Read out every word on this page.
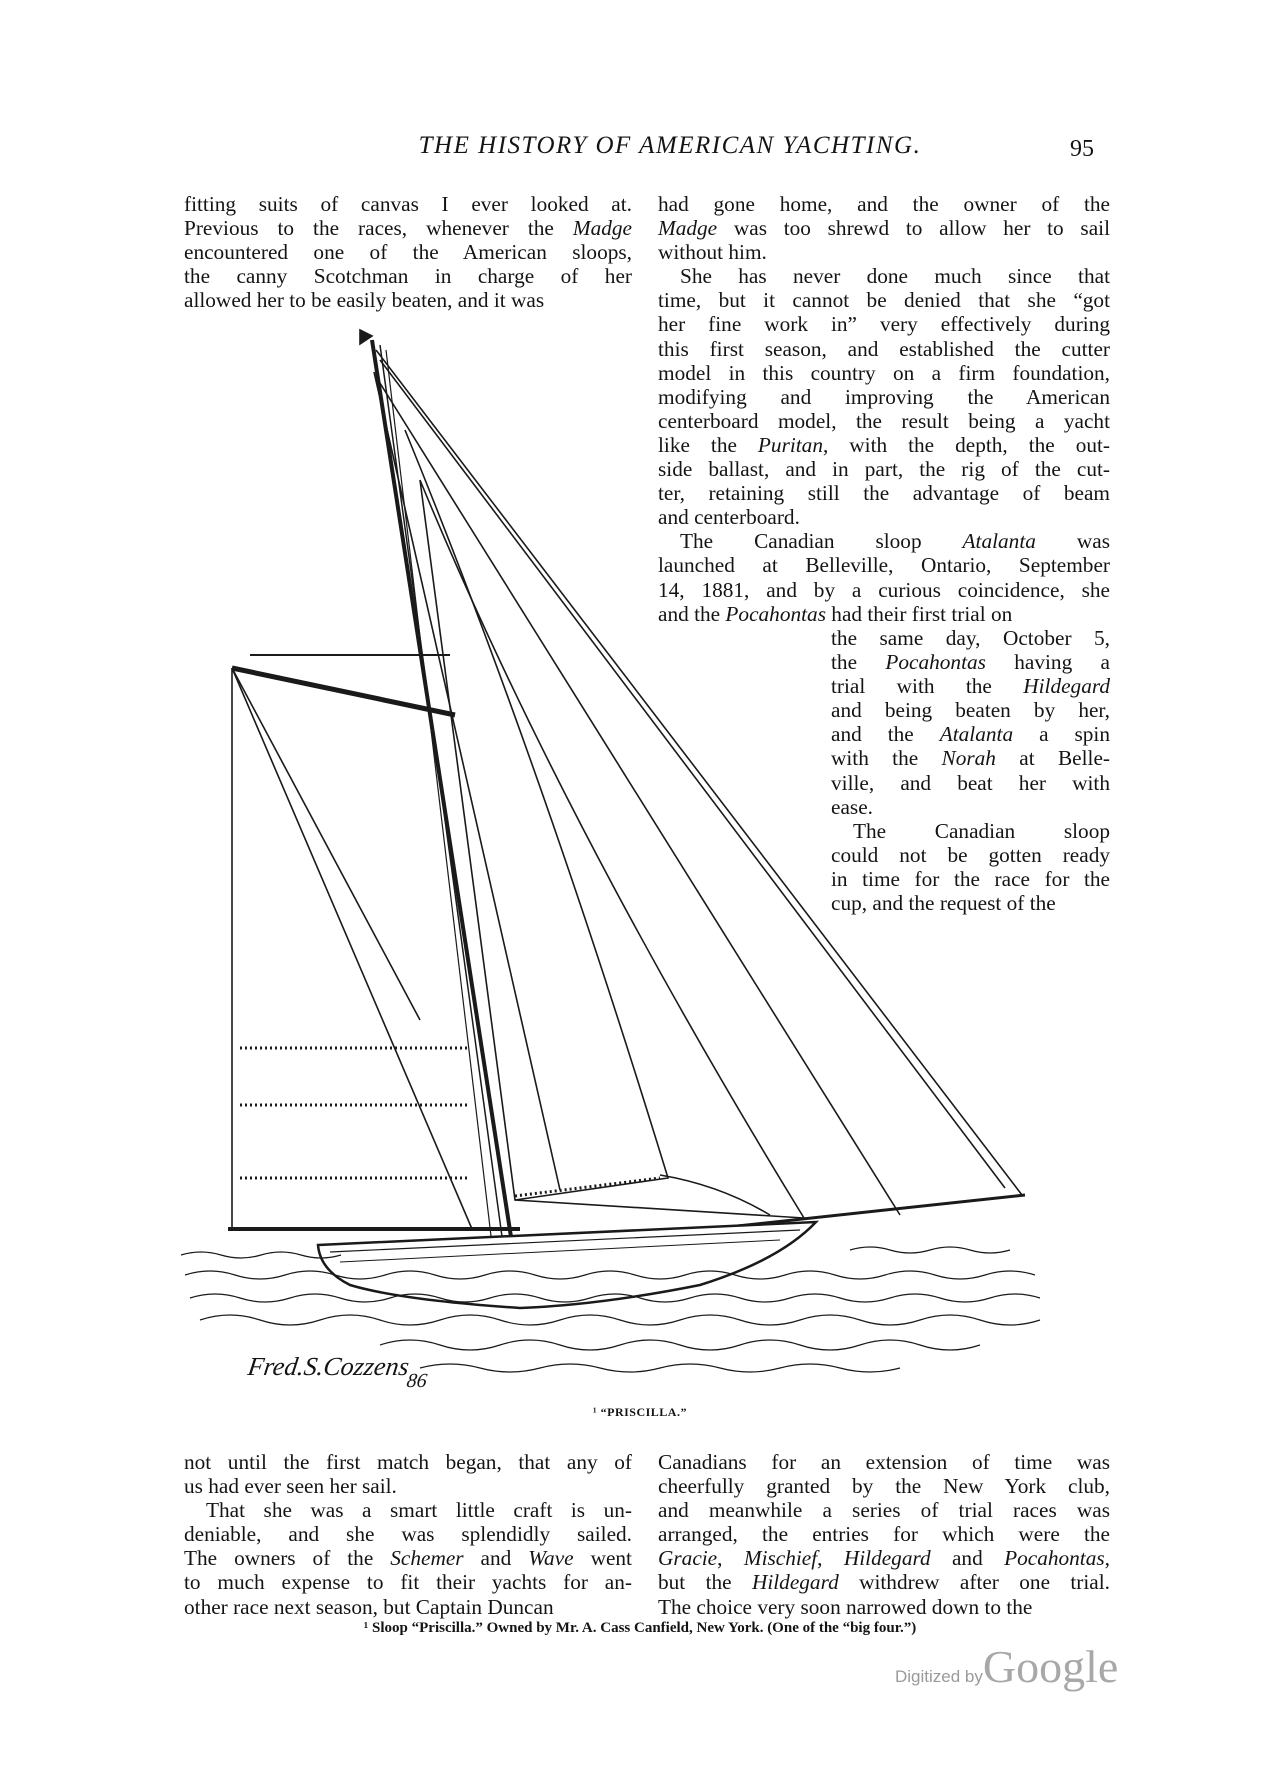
THE HISTORY OF AMERICAN YACHTING.	95
fitting suits of canvas I ever looked at.
Previous to the races, whenever the Madge
encountered one of the American sloops,
the canny Scotchman in charge of her
allowed her to be easily beaten, and it was
had gone home, and the owner of the
Madge was too shrewd to allow her to sail
without him.
She has never done much since that
time, but it cannot be denied that she “got
her fine work in” very effectively during
this first season, and established the cutter
model in this country on a firm foundation,
modifying and improving the American
centerboard model, the result being a yacht
like the Puritan, with the depth, the out-
side ballast, and in part, the rig of the cut-
ter, retaining still the advantage of beam
and centerboard.
The Canadian sloop Atalanta was
launched at Belleville, Ontario, September
14, 1881, and by a curious coincidence, she
and the Pocahontas had their first trial on
the same day, October 5,
the Pocahontas having a
trial with the Hildegard
and being beaten by her,
and the Atalanta a spin
with the Norah at Belle-
ville, and beat her with
ease.
The Canadian sloop
could not be gotten ready
in time for the race for the
cup, and the request of the
not until the first match began, that any of
us had ever seen her sail.
That she was a smart little craft is un-
deniable, and she was splendidly sailed.
The owners of the Schemer and Wave went
to much expense to fit their yachts for an-
other race next season, but Captain Duncan
Canadians for an extension of time was
cheerfully granted by the New York club,
and meanwhile a series of trial races was
arranged, the entries for which were the
Gracie, Mischief, Hildegard and Pocahontas,
but the Hildegard withdrew after one trial.
The choice very soon narrowed down to the
Fred.S.Cozzens$_{86}$
¹ “PRISCILLA.”
¹ Sloop “Priscilla.” Owned by Mr. A. Cass Canfield, New York. (One of the “big four.”)
Digitized byGoogle
